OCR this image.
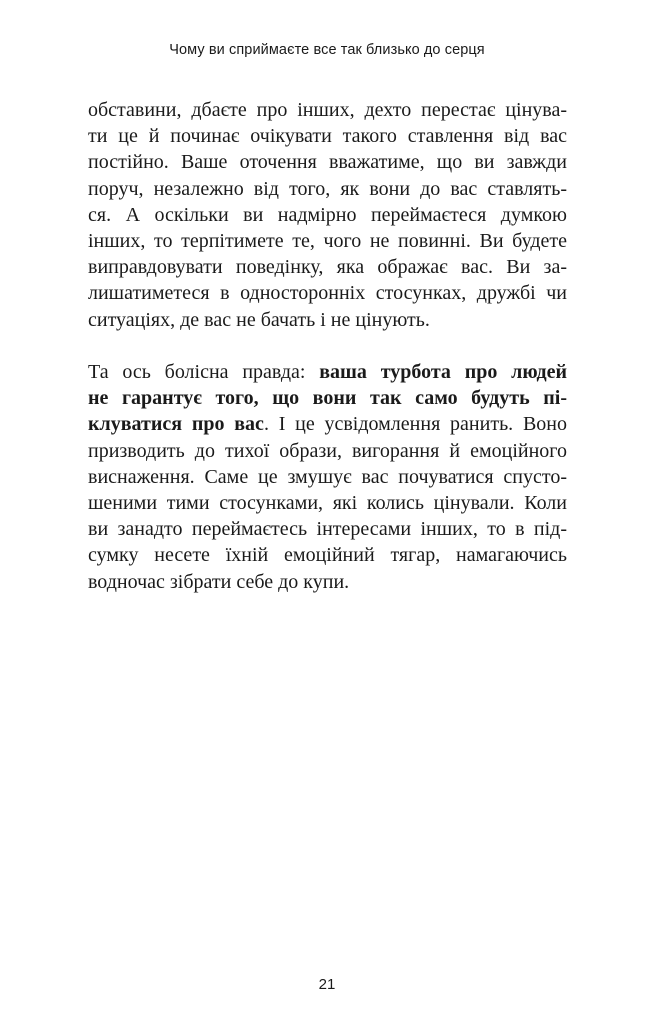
Чому ви сприймаєте все так близько до серця

обставини, дбаєте про інших, дехто перестає цінува-
ти це й починає очікувати такого ставлення від вас
постійно. Ваше оточення вважатиме, що ви завжди
поруч, незалежно від того, як вони до вас ставлять-
ся. А оскільки ви надмірно переймаєтеся думкою
інших, то терпітимете те, чого не повинні. Ви будете
виправдовувати поведінку, яка ображає вас. Ви за-
лишатиметеся в односторонніх стосунках, дружбі чи
ситуаціях, де вас не бачать і не цінують.

Та ось болісна правда: ваша турбота про людей
не гарантує того, що вони так само будуть пі-
клуватися про вас. І це усвідомлення ранить. Воно
призводить до тихої образи, вигорання й емоційного
виснаження. Саме це змушує вас почуватися спусто-
шеними тими стосунками, які колись цінували. Коли
ви занадто переймаєтесь інтересами інших, то в під-
сумку несете їхній емоційний тягар, намагаючись
водночас зібрати себе до купи.

21
